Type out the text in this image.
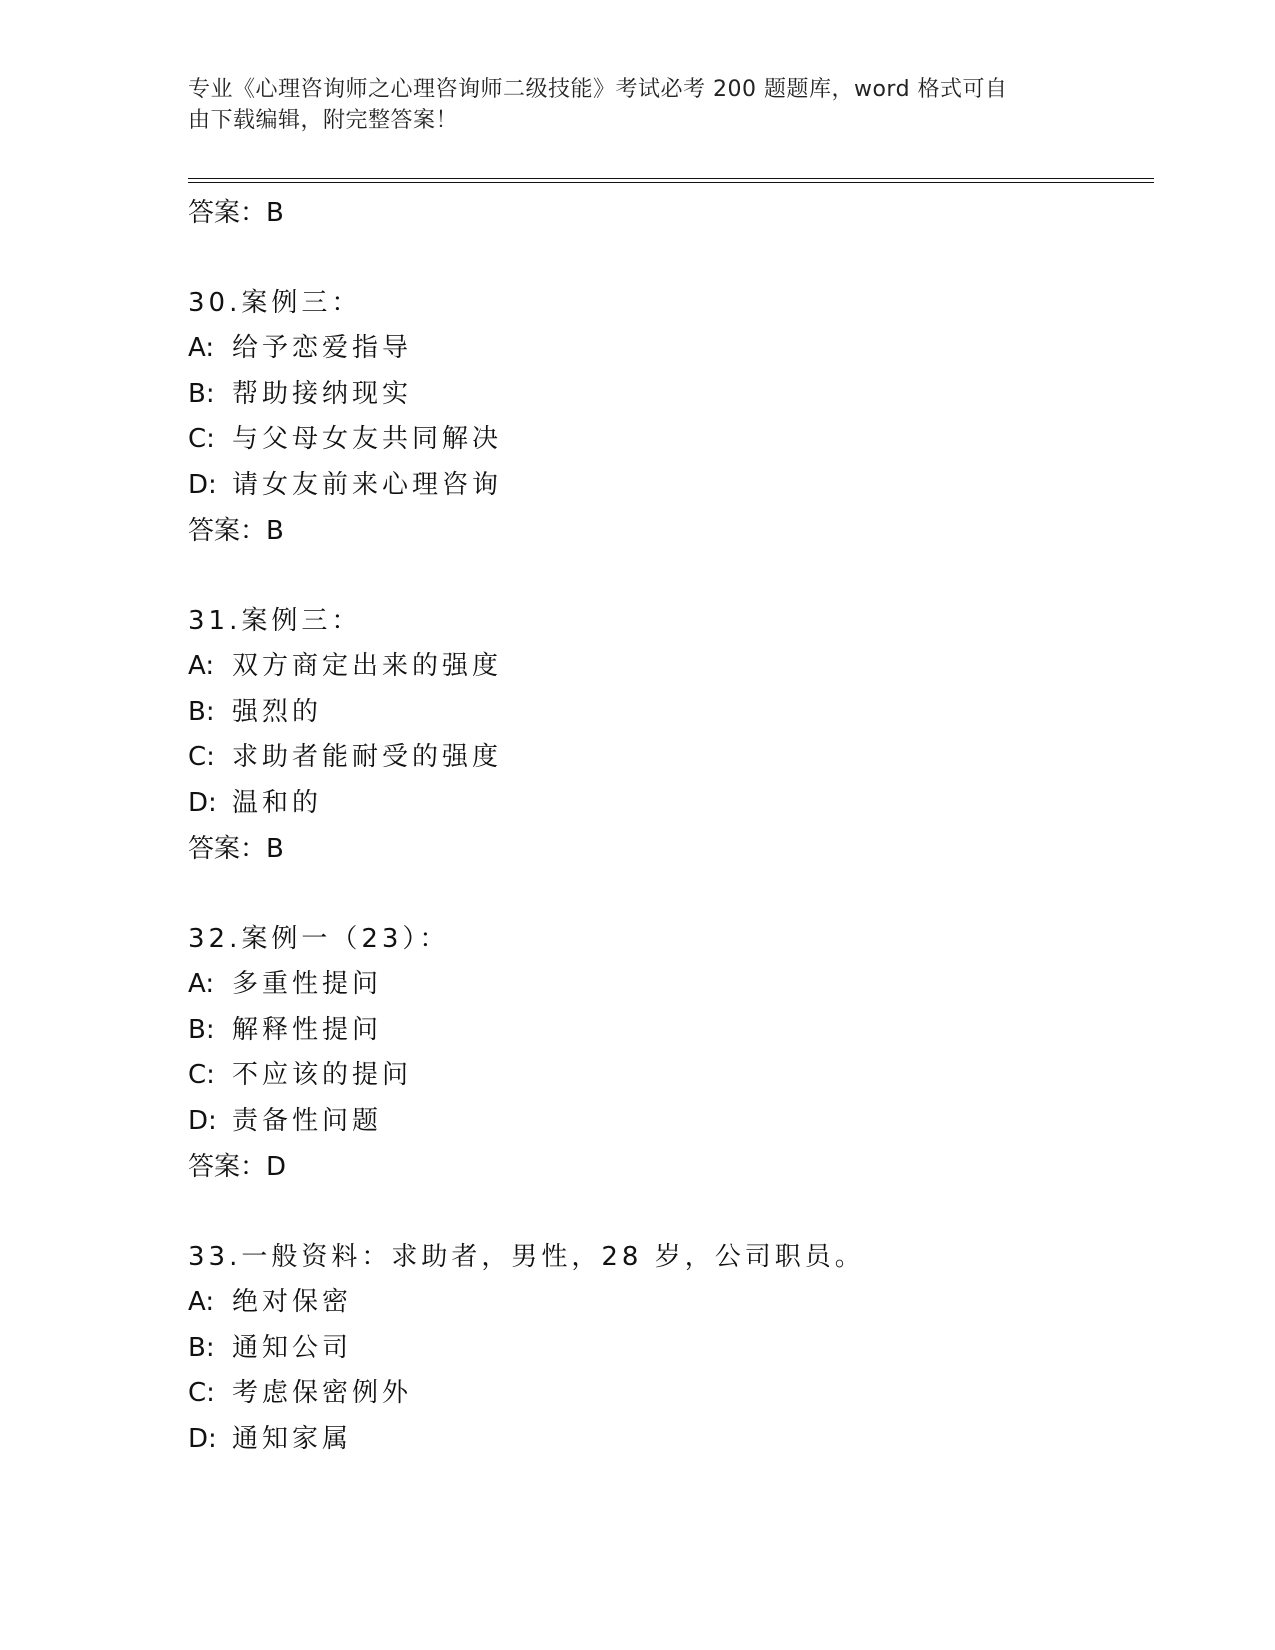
专业《心理咨询师之心理咨询师二级技能》考试必考 200 题题库，word 格式可自
由下载编辑，附完整答案！
答案：B
30.案例三：
A: 给予恋爱指导
B: 帮助接纳现实
C: 与父母女友共同解决
D: 请女友前来心理咨询
答案：B
31.案例三：
A: 双方商定出来的强度
B: 强烈的
C: 求助者能耐受的强度
D: 温和的
答案：B
32.案例一（23）：
A: 多重性提问
B: 解释性提问
C: 不应该的提问
D: 责备性问题
答案：D
33.一般资料：求助者，男性，28 岁，公司职员。
A: 绝对保密
B: 通知公司
C: 考虑保密例外
D: 通知家属
